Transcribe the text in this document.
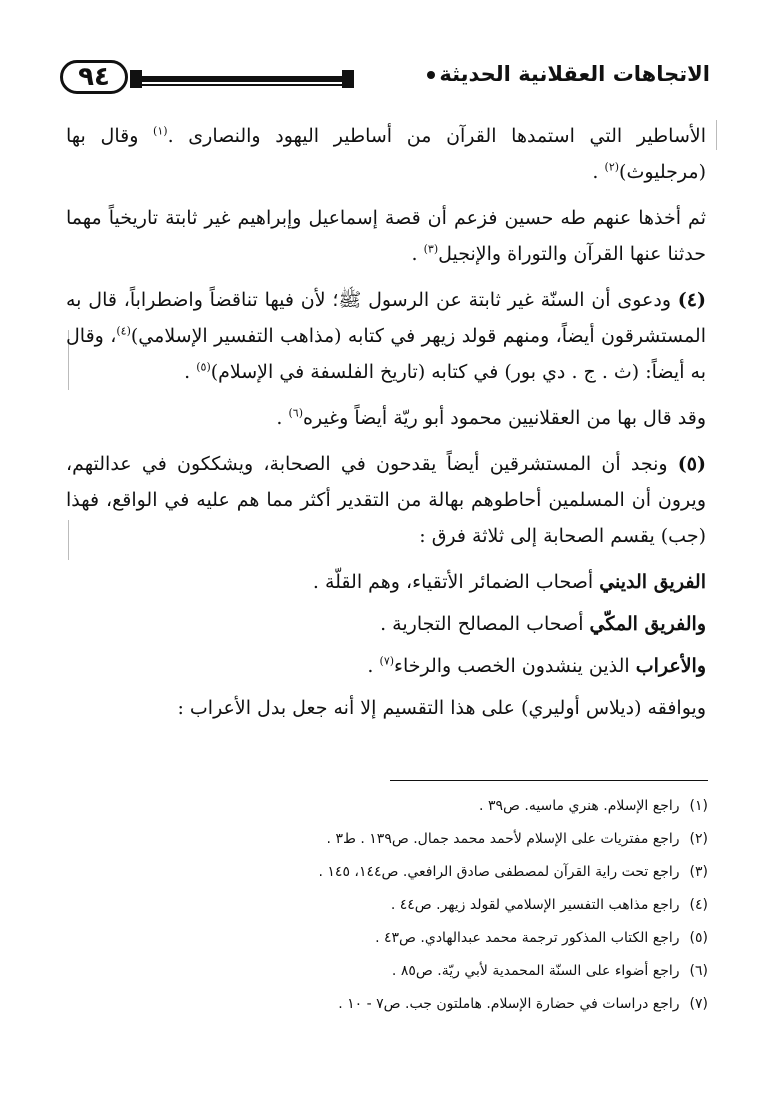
٩٤	الاتجاهات العقلانية الحديثة

الأساطير التي استمدها القرآن من أساطير اليهود والنصارى .$^{(١)}$ وقال بها (مرجليوث)$^{(٢)}$ .

ثم أخذها عنهم طه حسين فزعم أن قصة إسماعيل وإبراهيم غير ثابتة تاريخياً مهما حدثنا عنها القرآن والتوراة والإنجيل$^{(٣)}$ .

(٤) ودعوى أن السنّة غير ثابتة عن الرسول ﷺ؛ لأن فيها تناقضاً واضطراباً، قال به المستشرقون أيضاً، ومنهم قولد زيهر في كتابه (مذاهب التفسير الإسلامي)$^{(٤)}$، وقال به أيضاً: (ث . ج . دي بور) في كتابه (تاريخ الفلسفة في الإسلام)$^{(٥)}$ .

وقد قال بها من العقلانيين محمود أبو ريّة أيضاً وغيره$^{(٦)}$ .

(٥) ونجد أن المستشرقين أيضاً يقدحون في الصحابة، ويشككون في عدالتهم، ويرون أن المسلمين أحاطوهم بهالة من التقدير أكثر مما هم عليه في الواقع، فهذا (جب) يقسم الصحابة إلى ثلاثة فرق :

الفريق الديني أصحاب الضمائر الأتقياء، وهم القلّة .

والفريق المكّي أصحاب المصالح التجارية .

والأعراب الذين ينشدون الخصب والرخاء$^{(٧)}$ .

ويوافقه (ديلاس أوليري) على هذا التقسيم إلا أنه جعل بدل الأعراب :

(١)راجع الإسلام. هنري ماسيه. ص٣٩ .
(٢)راجع مفتريات على الإسلام لأحمد محمد جمال. ص١٣٩ . ط٣ .
(٣)راجع تحت راية القرآن لمصطفى صادق الرافعي. ص١٤٤، ١٤٥ .
(٤)راجع مذاهب التفسير الإسلامي لقولد زيهر. ص٤٤ .
(٥)راجع الكتاب المذكور ترجمة محمد عبدالهادي. ص٤٣ .
(٦)راجع أضواء على السنّة المحمدية لأبي ريّة. ص٨٥ .
(٧)راجع دراسات في حضارة الإسلام. هاملتون جب. ص٧ - ١٠ .
